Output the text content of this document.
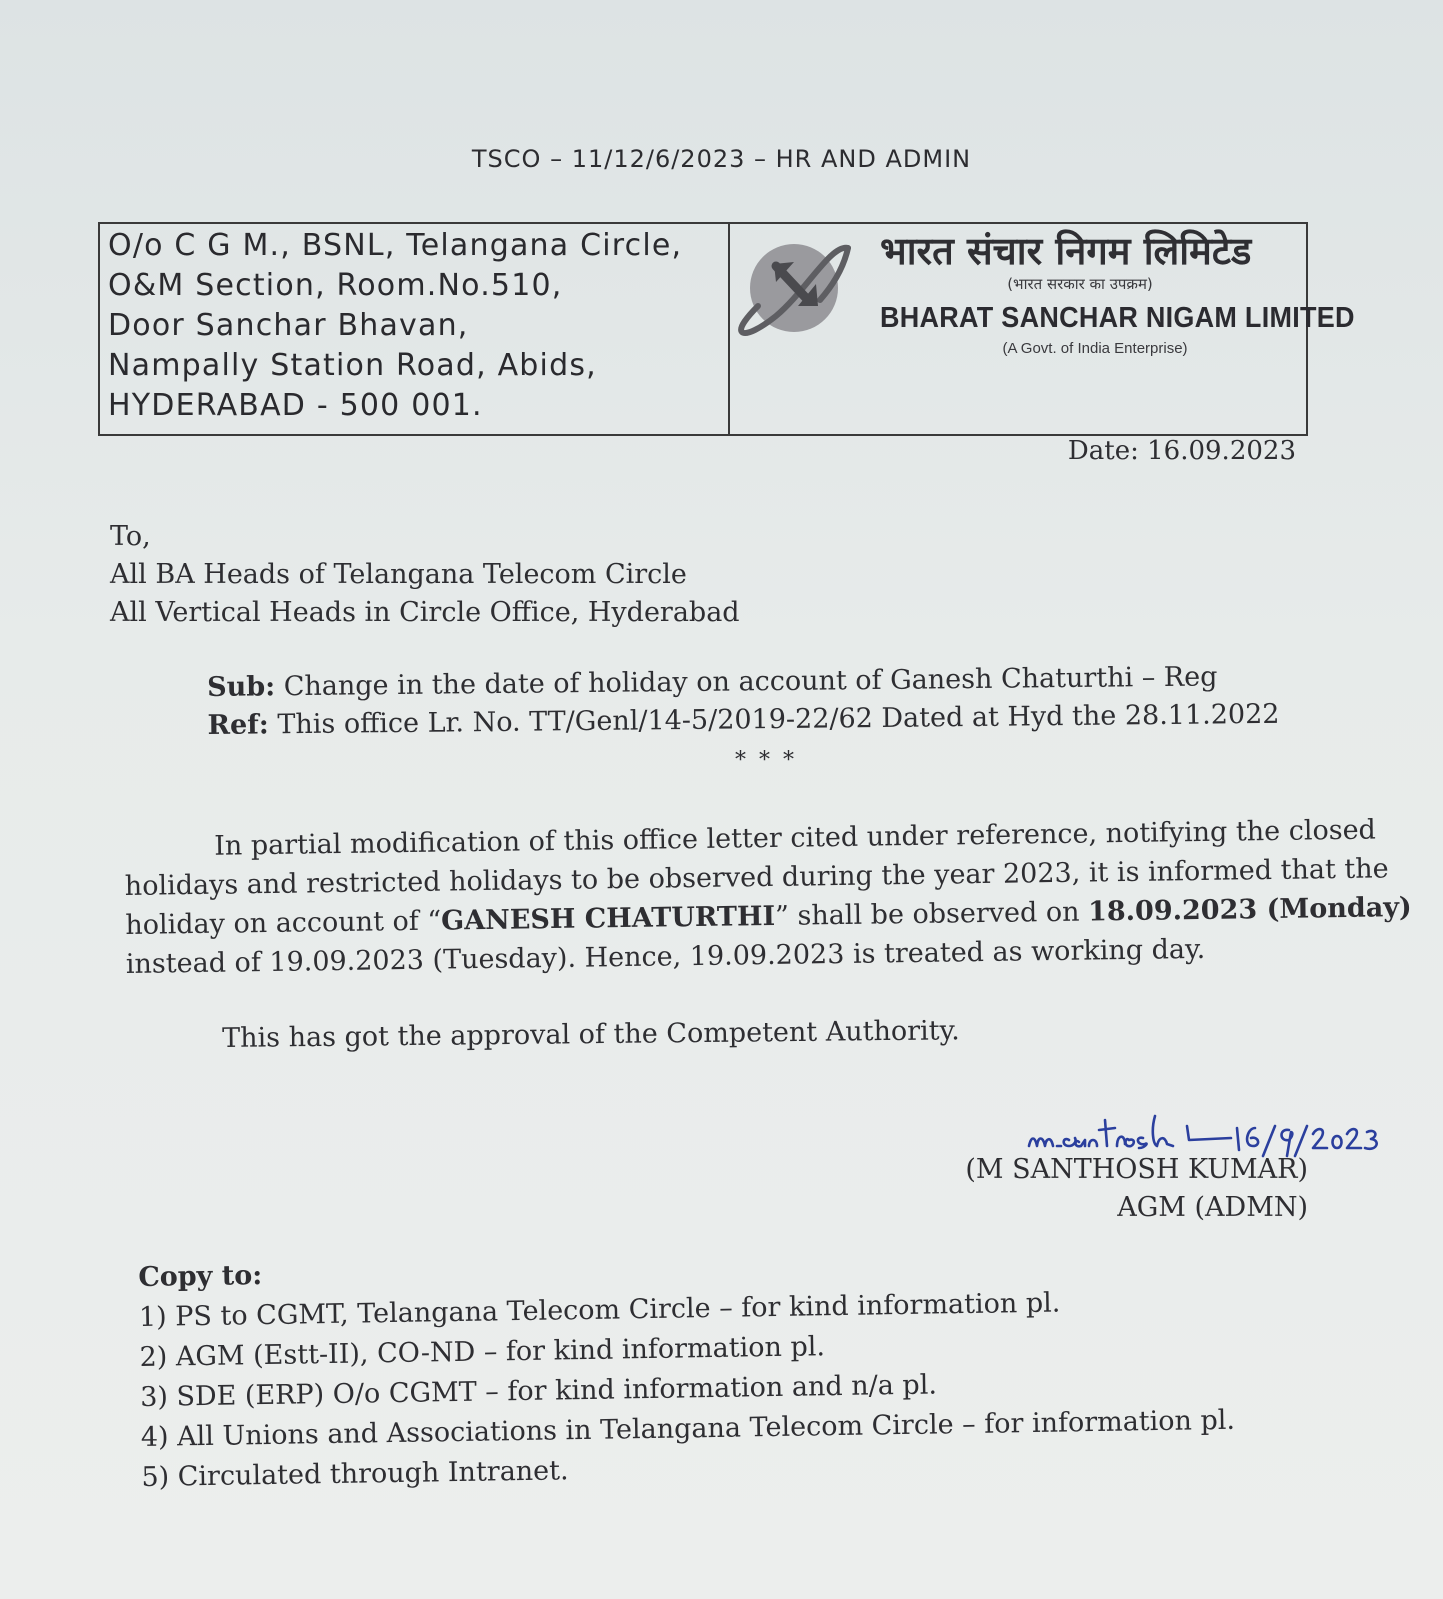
TSCO – 11/12/6/2023 – HR AND ADMIN
O/o C G M., BSNL, Telangana Circle,
O&M Section, Room.No.510,
Door Sanchar Bhavan,
Nampally Station Road, Abids,
HYDERABAD - 500 001.
भारत संचार निगम लिमिटेड
(भारत सरकार का उपक्रम)
BHARAT SANCHAR NIGAM LIMITED
(A Govt. of India Enterprise)
Date: 16.09.2023
To,
All BA Heads of Telangana Telecom Circle
All Vertical Heads in Circle Office, Hyderabad
Sub: Change in the date of holiday on account of Ganesh Chaturthi – Reg
Ref: This office Lr. No. TT/Genl/14-5/2019-22/62 Dated at Hyd the 28.11.2022
* * *
In partial modification of this office letter cited under reference, notifying the closed
holidays and restricted holidays to be observed during the year 2023, it is informed that the
holiday on account of “GANESH CHATURTHI” shall be observed on 18.09.2023 (Monday)
instead of 19.09.2023 (Tuesday). Hence, 19.09.2023 is treated as working day.
This has got the approval of the Competent Authority.
(M SANTHOSH KUMAR)
AGM (ADMN)
Copy to:
1) PS to CGMT, Telangana Telecom Circle – for kind information pl.
2) AGM (Estt-II), CO-ND – for kind information pl.
3) SDE (ERP) O/o CGMT – for kind information and n/a pl.
4) All Unions and Associations in Telangana Telecom Circle – for information pl.
5) Circulated through Intranet.
